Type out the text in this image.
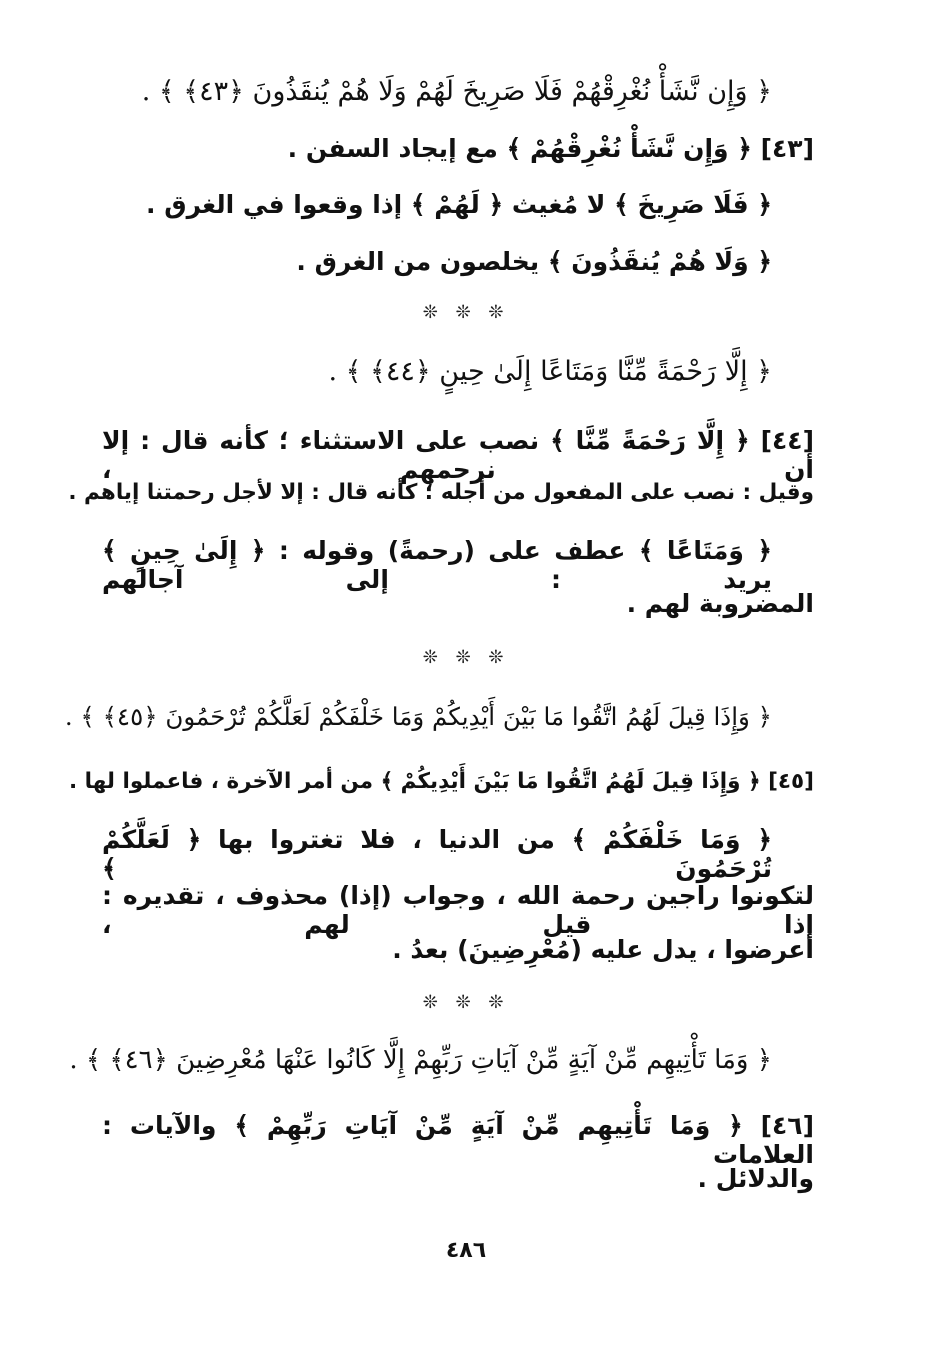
﴿ وَإِن نَّشَأْ نُغْرِقْهُمْ فَلَا صَرِيخَ لَهُمْ وَلَا هُمْ يُنقَذُونَ ﴿٤٣﴾ ﴾ .
[٤٣] ﴿ وَإِن نَّشَأْ نُغْرِقْهُمْ ﴾ مع إيجاد السفن .
﴿ فَلَا صَرِيخَ ﴾ لا مُغيث ﴿ لَهُمْ ﴾ إذا وقعوا في الغرق .
﴿ وَلَا هُمْ يُنقَذُونَ ﴾ يخلصون من الغرق .
❊ ❊ ❊
﴿ إِلَّا رَحْمَةً مِّنَّا وَمَتَاعًا إِلَىٰ حِينٍ ﴿٤٤﴾ ﴾ .
[٤٤] ﴿ إِلَّا رَحْمَةً مِّنَّا ﴾ نصب على الاستثناء ؛ كأنه قال : إلا أن نرحمهم ،
وقيل : نصب على المفعول من أجله ؛ كأنه قال : إلا لأجل رحمتنا إياهم .
﴿ وَمَتَاعًا ﴾ عطف على (رحمةً) وقوله : ﴿ إِلَىٰ حِينٍ ﴾ يريد : إلى آجالهم
المضروبة لهم .
❊ ❊ ❊
﴿ وَإِذَا قِيلَ لَهُمُ اتَّقُوا مَا بَيْنَ أَيْدِيكُمْ وَمَا خَلْفَكُمْ لَعَلَّكُمْ تُرْحَمُونَ ﴿٤٥﴾ ﴾ .
[٤٥] ﴿ وَإِذَا قِيلَ لَهُمُ اتَّقُوا مَا بَيْنَ أَيْدِيكُمْ ﴾ من أمر الآخرة ، فاعملوا لها .
﴿ وَمَا خَلْفَكُمْ ﴾ من الدنيا ، فلا تغتروا بها ﴿ لَعَلَّكُمْ تُرْحَمُونَ ﴾
لتكونوا راجين رحمة الله ، وجواب (إذا) محذوف ، تقديره : إذا قيل لهم ،
أعرضوا ، يدل عليه (مُعْرِضِينَ) بعدُ .
❊ ❊ ❊
﴿ وَمَا تَأْتِيهِم مِّنْ آيَةٍ مِّنْ آيَاتِ رَبِّهِمْ إِلَّا كَانُوا عَنْهَا مُعْرِضِينَ ﴿٤٦﴾ ﴾ .
[٤٦] ﴿ وَمَا تَأْتِيهِم مِّنْ آيَةٍ مِّنْ آيَاتِ رَبِّهِمْ ﴾ والآيات : العلامات
والدلائل .
٤٨٦
